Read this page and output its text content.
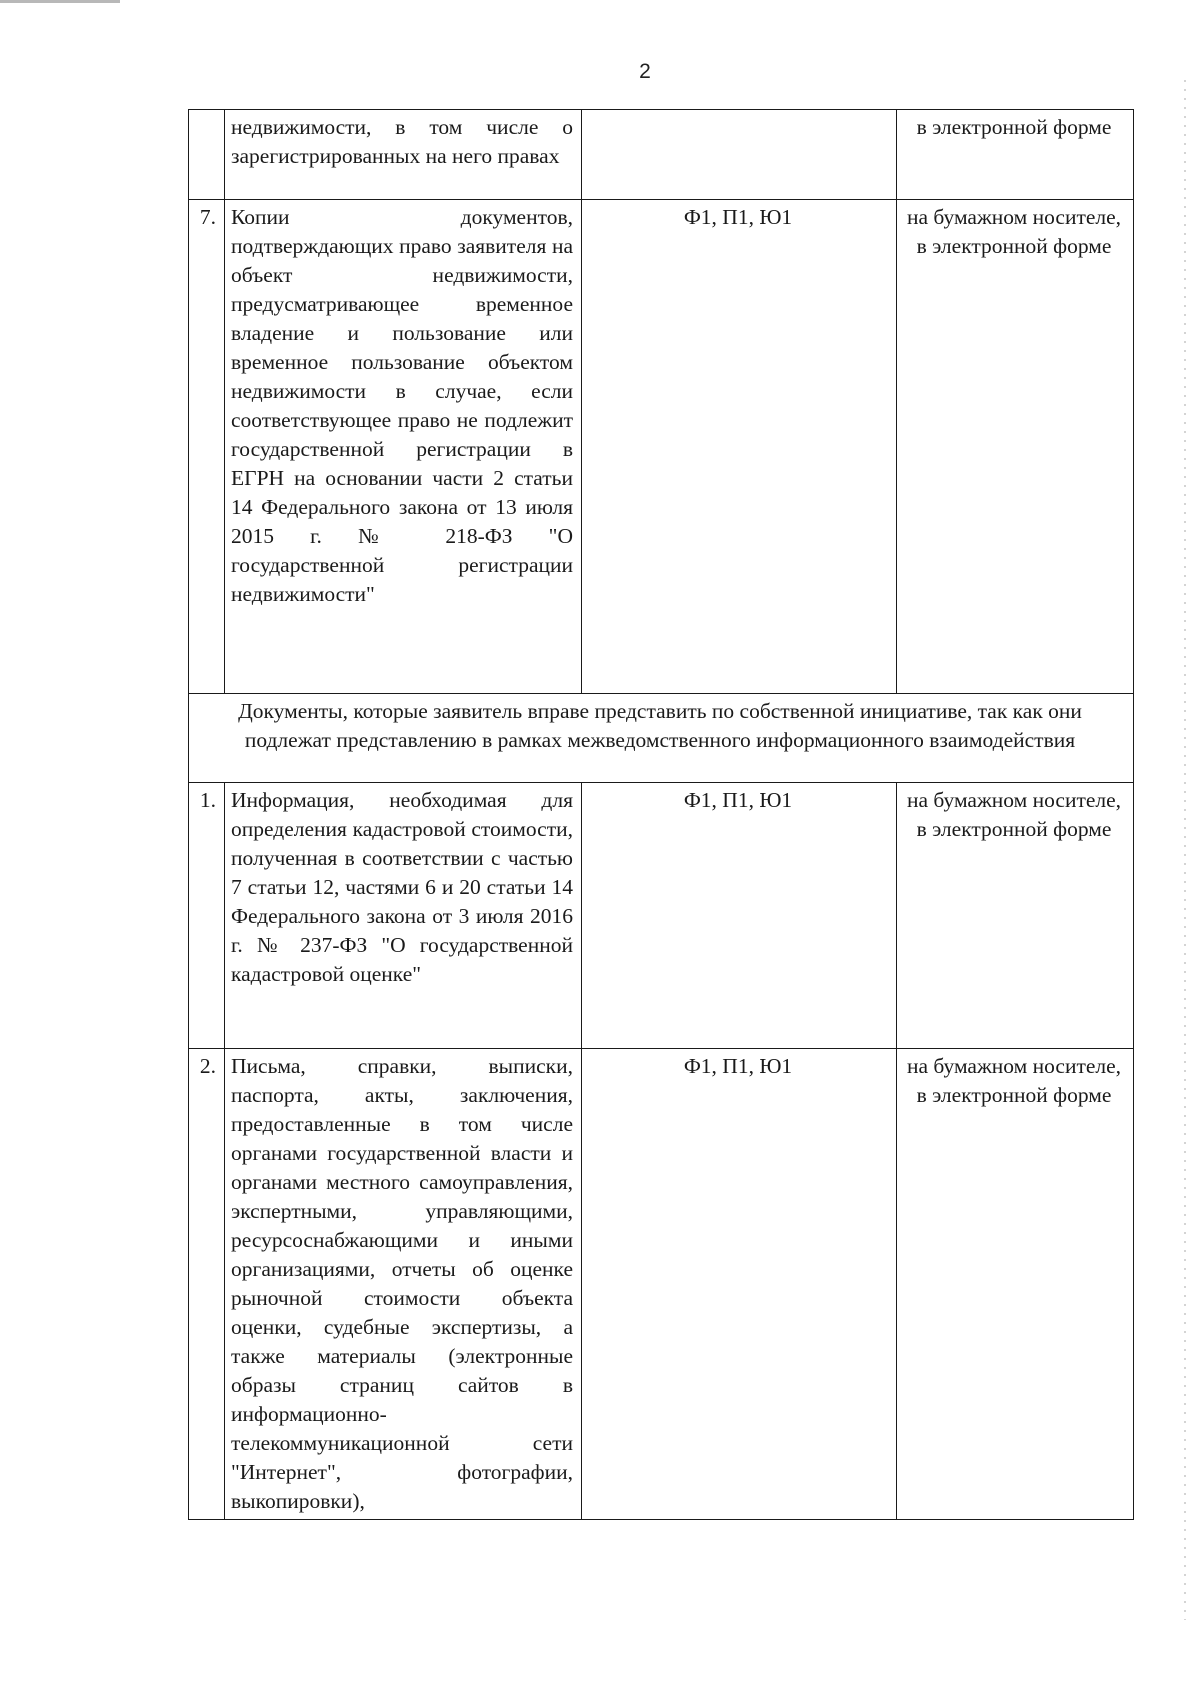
2
	недвижимости, в том числе о зарегистрированных на него правах		в электронной форме
7.	Копии документов, подтверждающих право заявителя на объект недвижимости, предусматривающее временное владение и пользование или временное пользование объектом недвижимости в случае, если соответствующее право не подлежит государственной регистрации в ЕГРН на основании части 2 статьи 14 Федерального закона от 13 июля 2015 г. № 218-ФЗ "О государственной регистрации недвижимости"	Ф1, П1, Ю1	на бумажном носителе, в электронной форме
Документы, которые заявитель вправе представить по собственной инициативе, так как они подлежат представлению в рамках межведомственного информационного взаимодействия			
1.	Информация, необходимая для определения кадастровой стоимости, полученная в соответствии с частью 7 статьи 12, частями 6 и 20 статьи 14 Федерального закона от 3 июля 2016 г. № 237-ФЗ "О государственной кадастровой оценке"	Ф1, П1, Ю1	на бумажном носителе, в электронной форме
2.	Письма, справки, выписки, паспорта, акты, заключения, предоставленные в том числе органами государственной власти и органами местного самоуправления, экспертными, управляющими, ресурсоснабжающими и иными организациями, отчеты об оценке рыночной стоимости объекта оценки, судебные экспертизы, а также материалы (электронные образы страниц сайтов в информационно-телекоммуникационной сети "Интернет", фотографии, выкопировки),	Ф1, П1, Ю1	на бумажном носителе, в электронной форме
